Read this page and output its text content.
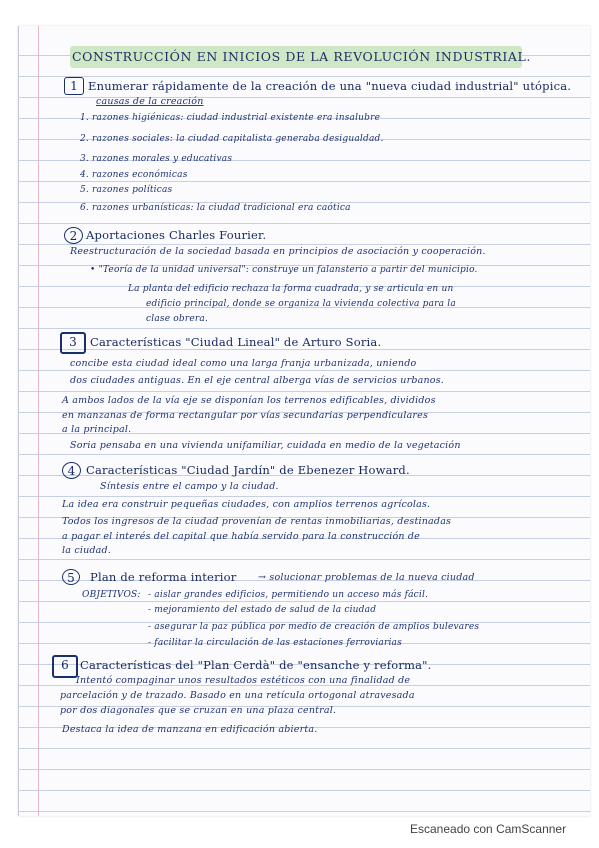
CONSTRUCCIÓN EN INICIOS DE LA REVOLUCIÓN INDUSTRIAL.
1 Enumerar rápidamente de la creación de una "nueva ciudad industrial" utópica.
causas de la creación
1. razones higiénicas: ciudad industrial existente era insalubre
2. razones sociales: la ciudad capitalista generaba desigualdad.
3. razones morales y educativas
4. razones económicas
5. razones políticas
6. razones urbanísticas: la ciudad tradicional era caótica
2 Aportaciones Charles Fourier.
Reestructuración de la sociedad basada en principios de asociación y cooperación.
• "Teoría de la unidad universal": construye un falansterio a partir del municipio.
La planta del edificio rechaza la forma cuadrada, y se articula en un
edificio principal, donde se organiza la vivienda colectiva para la
clase obrera.
3	Características "Ciudad Lineal" de Arturo Soria.
concibe esta ciudad ideal como una larga franja urbanizada, uniendo
dos ciudades antiguas. En el eje central alberga vías de servicios urbanos.
A ambos lados de la vía eje se disponían los terrenos edificables, divididos
en manzanas de forma rectangular por vías secundarias perpendiculares
a la principal.
Soria pensaba en una vivienda unifamiliar, cuidada en medio de la vegetación
4 Características "Ciudad Jardín" de Ebenezer Howard.
Síntesis entre el campo y la ciudad.
La idea era construir pequeñas ciudades, con amplios terrenos agrícolas.
Todos los ingresos de la ciudad provenían de rentas inmobiliarias, destinadas
a pagar el interés del capital que había servido para la construcción de
la ciudad.
5	Plan de reforma interior → solucionar problemas de la nueva ciudad
OBJETIVOS: - aislar grandes edificios, permitiendo un acceso más fácil.
- mejoramiento del estado de salud de la ciudad
- asegurar la paz pública por medio de creación de amplios bulevares
- facilitar la circulación de las estaciones ferroviarias
6 Características del "Plan Cerdà" de "ensanche y reforma".
Intentó compaginar unos resultados estéticos con una finalidad de
parcelación y de trazado. Basado en una retícula ortogonal atravesada
por dos diagonales que se cruzan en una plaza central.
Destaca la idea de manzana en edificación abierta.
Escaneado con CamScanner
